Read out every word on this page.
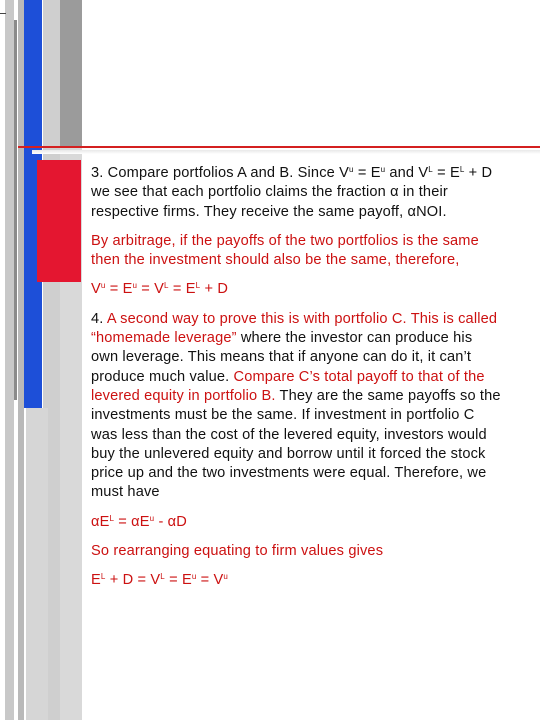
3. Compare portfolios A and B. Since $V^u = E^u$ and $V^L = E^L + D$
we see that each portfolio claims the fraction α in their
respective firms. They receive the same payoff, αNOI.
By arbitrage, if the payoffs of the two portfolios is the same
then the investment should also be the same, therefore,
$V^u = E^u = V^L = E^L + D$
4. A second way to prove this is with portfolio C. This is called
“homemade leverage” where the investor can produce his
own leverage. This means that if anyone can do it, it can’t
produce much value. Compare C’s total payoff to that of the
levered equity in portfolio B. They are the same payoffs so the
investments must be the same. If investment in portfolio C
was less than the cost of the levered equity, investors would
buy the unlevered equity and borrow until it forced the stock
price up and the two investments were equal. Therefore, we
must have
$\alpha E^L = \alpha E^u - \alpha D$
So rearranging equating to firm values gives
$E^L + D = V^L = E^u = V^u$
